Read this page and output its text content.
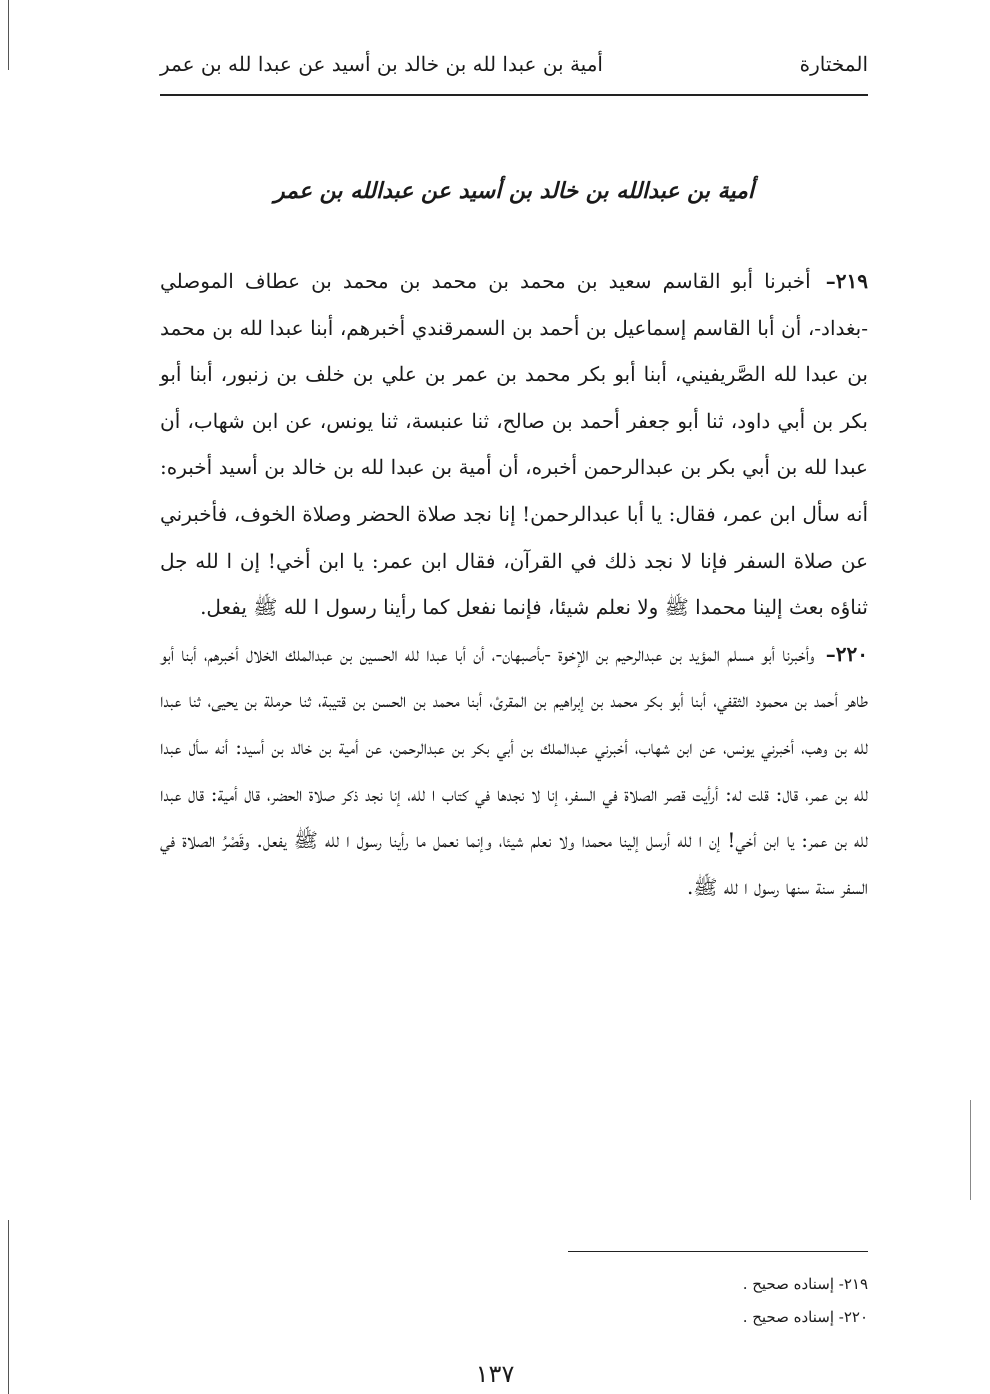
المختارة
أمية بن عبدا لله بن خالد بن أسيد عن عبدا لله بن عمر
أمية بن عبدالله بن خالد بن أسيد عن عبدالله بن عمر

٢١٩– أخبرنا أبو القاسم سعيد بن محمد بن محمد بن محمد بن عطاف الموصلي -بغداد-، أن أبا القاسم إسماعيل بن أحمد بن السمرقندي أخبرهم، أبنا عبدا لله بن محمد بن عبدا لله الصَّريفيني، أبنا أبو بكر محمد بن عمر بن علي بن خلف بن زنبور، أبنا أبو بكر بن أبي داود، ثنا أبو جعفر أحمد بن صالح، ثنا عنبسة، ثنا يونس، عن ابن شهاب، أن عبدا لله بن أبي بكر بن عبدالرحمن أخبره، أن أمية بن عبدا لله بن خالد بن أسيد أخبره: أنه سأل ابن عمر، فقال: يا أبا عبدالرحمن! إنا نجد صلاة الحضر وصلاة الخوف، فأخبرني عن صلاة السفر فإنا لا نجد ذلك في القرآن، فقال ابن عمر: يا ابن أخي! إن ا لله جل ثناؤه بعث إلينا محمدا ﷺ ولا نعلم شيئا، فإنما نفعل كما رأينا رسول ا لله ﷺ يفعل.

٢٢٠– وأخبرنا أبو مسلم المؤيد بن عبدالرحيم بن الإخوة -بأصبهان-، أن أبا عبدا لله الحسين بن عبدالملك الخلال أخبرهم، أبنا أبو طاهر أحمد بن محمود الثقفي، أبنا أبو بكر محمد بن إبراهيم بن المقرئ، أبنا محمد بن الحسن بن قتيبة، ثنا حرملة بن يحيى، ثنا عبدا لله بن وهب، أخبرني يونس، عن ابن شهاب، أخبرني عبدالملك بن أبي بكر بن عبدالرحمن، عن أمية بن خالد بن أسيد: أنه سأل عبدا لله بن عمر، قال: قلت له: أرأيت قصر الصلاة في السفر، إنا لا نجدها في كتاب ا لله، إنا نجد ذكر صلاة الحضر، قال أمية: قال عبدا لله بن عمر: يا ابن أخي! إن ا لله أرسل إلينا محمدا ولا نعلم شيئا، وإنما نعمل ما رأينا رسول ا لله ﷺ يفعل. وقَصْرُ الصلاة في السفر سنة سنها رسول ا لله ﷺ.

٢١٩- إسناده صحيح .
٢٢٠- إسناده صحيح .
١٣٧
